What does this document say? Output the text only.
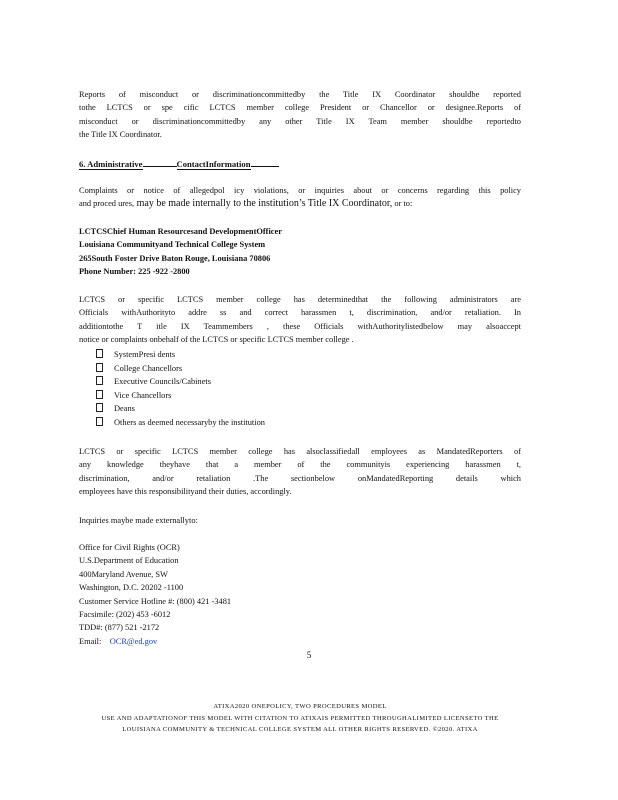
Reports of misconduct or discriminationcommittedby the Title IX Coordinator shouldbe reported

tothe LCTCS or spe cific LCTCS member college President or Chancellor or designee.Reports of

misconduct or discriminationcommittedby any other Title IX Team member shouldbe reportedto

the Title IX Coordinator.

6. Administrative	ContactInformation

Complaints or notice of allegedpol icy violations, or inquiries about or concerns regarding this policy

and proced ures, may be made internally to the institution’s Title IX Coordinator, or to:

LCTCSChief Human Resourcesand DevelopmentOfficer

Louisiana Communityand Technical College System

265South Foster Drive Baton Rouge, Louisiana 70806

Phone Number: 225 -922 -2800

LCTCS or specific LCTCS member college has determinedthat the following administrators are

Officials withAuthorityto addre ss and correct harassmen t, discrimination, and/or retaliation. In

additiontothe T itle IX Teammembers , these Officials withAuthoritylistedbelow may alsoaccept

notice or complaints onbehalf of the LCTCS or specific LCTCS member college .

SystemPresi dents
College Chancellors
Executive Councils/Cabinets
Vice Chancellors
Deans
Others as deemed necessaryby the institution

LCTCS or specific LCTCS member college has alsoclassifiedall employees as MandatedReporters of

any knowledge theyhave that a member of the communityis experiencing harassmen t,

discrimination, and/or retaliation .The sectionbelow onMandatedReporting details which

employees have this responsibilityand their duties, accordingly.

Inquiries maybe made externallyto:

Office for Civil Rights (OCR)

U.S.Department of Education

400Maryland Avenue, SW

Washington, D.C. 20202 -1100

Customer Service Hotline #: (800) 421 -3481

Facsimile: (202) 453 -6012

TDD#: (877) 521 -2172

Email: OCR@ed.gov

5
ATIXA2020 ONEPOLICY, TWO PROCEDURES MODEL
USE AND ADAPTATIONOF THIS MODEL WITH CITATION TO ATIXAIS PERMITTED THROUGHALIMITED LICENSETO THE
LOUISIANA COMMUNITY & TECHNICAL COLLEGE SYSTEM ALL OTHER RIGHTS RESERVED. ©2020. ATIXA
